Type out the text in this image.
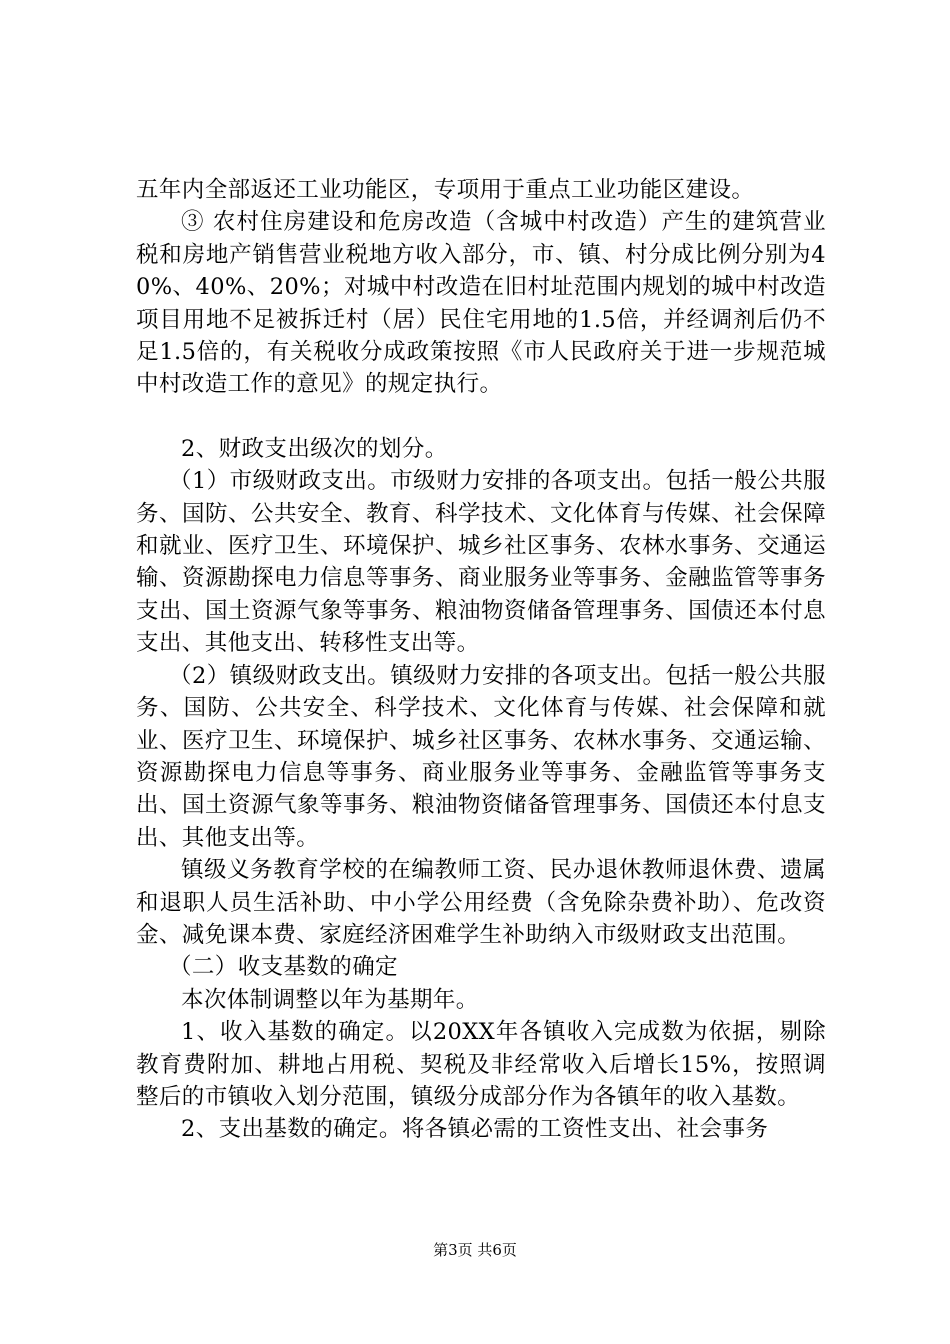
五年内全部返还工业功能区，专项用于重点工业功能区建设。

③ 农村住房建设和危房改造（含城中村改造）产生的建筑营业税和房地产销售营业税地方收入部分，市、镇、村分成比例分别为40%、40%、20%；对城中村改造在旧村址范围内规划的城中村改造项目用地不足被拆迁村（居）民住宅用地的1.5倍，并经调剂后仍不足1.5倍的，有关税收分成政策按照《市人民政府关于进一步规范城中村改造工作的意见》的规定执行。

2、财政支出级次的划分。

（1）市级财政支出。市级财力安排的各项支出。包括一般公共服务、国防、公共安全、教育、科学技术、文化体育与传媒、社会保障和就业、医疗卫生、环境保护、城乡社区事务、农林水事务、交通运输、资源勘探电力信息等事务、商业服务业等事务、金融监管等事务支出、国土资源气象等事务、粮油物资储备管理事务、国债还本付息支出、其他支出、转移性支出等。

（2）镇级财政支出。镇级财力安排的各项支出。包括一般公共服务、国防、公共安全、科学技术、文化体育与传媒、社会保障和就业、医疗卫生、环境保护、城乡社区事务、农林水事务、交通运输、资源勘探电力信息等事务、商业服务业等事务、金融监管等事务支出、国土资源气象等事务、粮油物资储备管理事务、国债还本付息支出、其他支出等。

镇级义务教育学校的在编教师工资、民办退休教师退休费、遗属和退职人员生活补助、中小学公用经费（含免除杂费补助）、危改资金、减免课本费、家庭经济困难学生补助纳入市级财政支出范围。

（二）收支基数的确定

本次体制调整以年为基期年。

1、收入基数的确定。以20XX年各镇收入完成数为依据，剔除教育费附加、耕地占用税、契税及非经常收入后增长15%，按照调整后的市镇收入划分范围，镇级分成部分作为各镇年的收入基数。

2、支出基数的确定。将各镇必需的工资性支出、社会事务

第3页 共6页
